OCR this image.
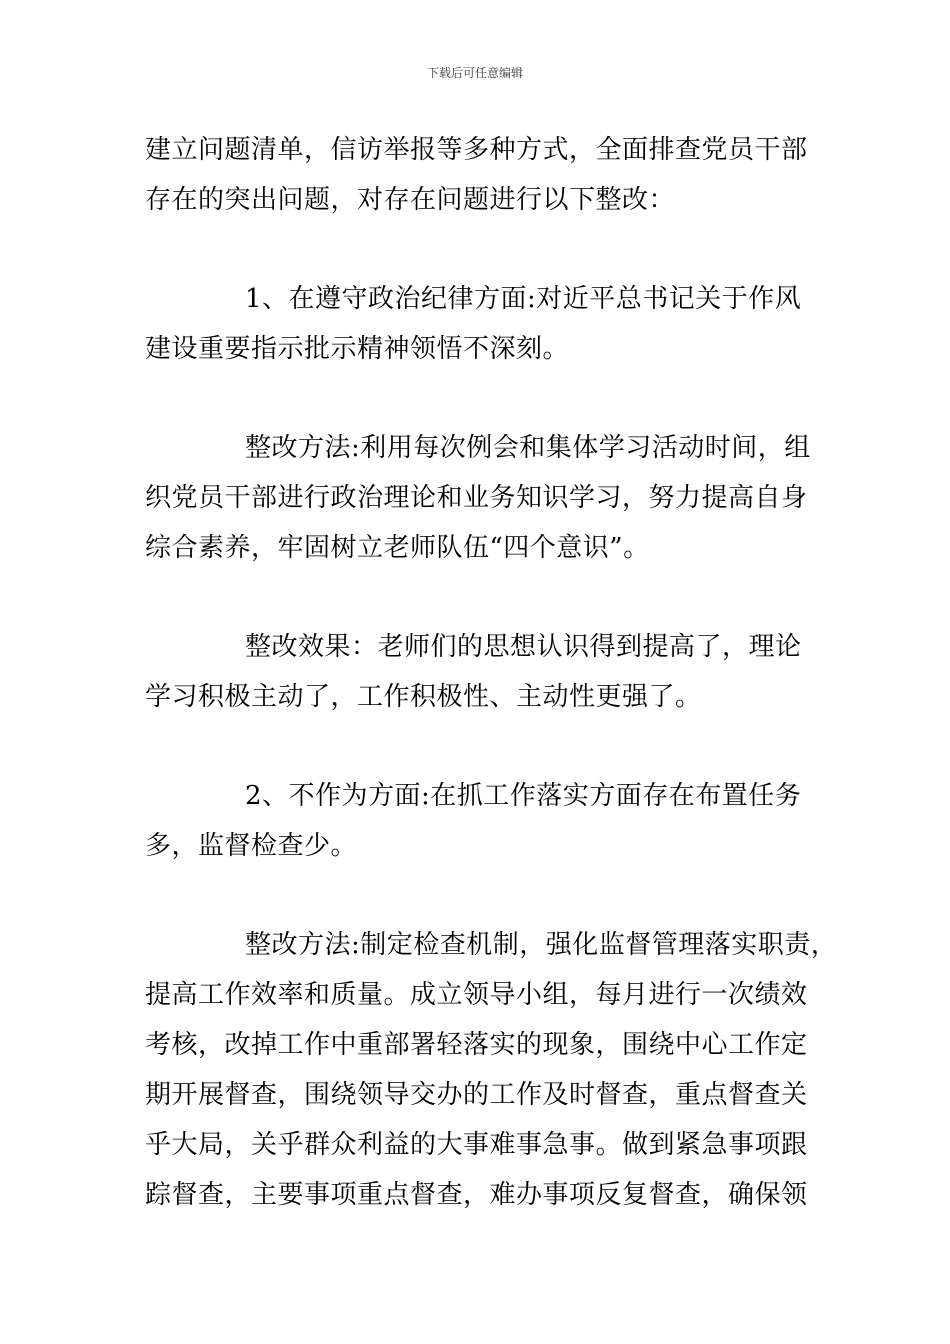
下载后可任意编辑
建立问题清单，信访举报等多种方式，全面排查党员干部
存在的突出问题，对存在问题进行以下整改：
1、在遵守政治纪律方面:对近平总书记关于作风
建设重要指示批示精神领悟不深刻。
整改方法:利用每次例会和集体学习活动时间，组
织党员干部进行政治理论和业务知识学习，努力提高自身
综合素养，牢固树立老师队伍“四个意识”。
整改效果：老师们的思想认识得到提高了，理论
学习积极主动了，工作积极性、主动性更强了。
2、不作为方面:在抓工作落实方面存在布置任务
多，监督检查少。
整改方法:制定检查机制，强化监督管理落实职责，
提高工作效率和质量。成立领导小组，每月进行一次绩效
考核，改掉工作中重部署轻落实的现象，围绕中心工作定
期开展督查，围绕领导交办的工作及时督查，重点督查关
乎大局，关乎群众利益的大事难事急事。做到紧急事项跟
踪督查，主要事项重点督查，难办事项反复督查，确保领
